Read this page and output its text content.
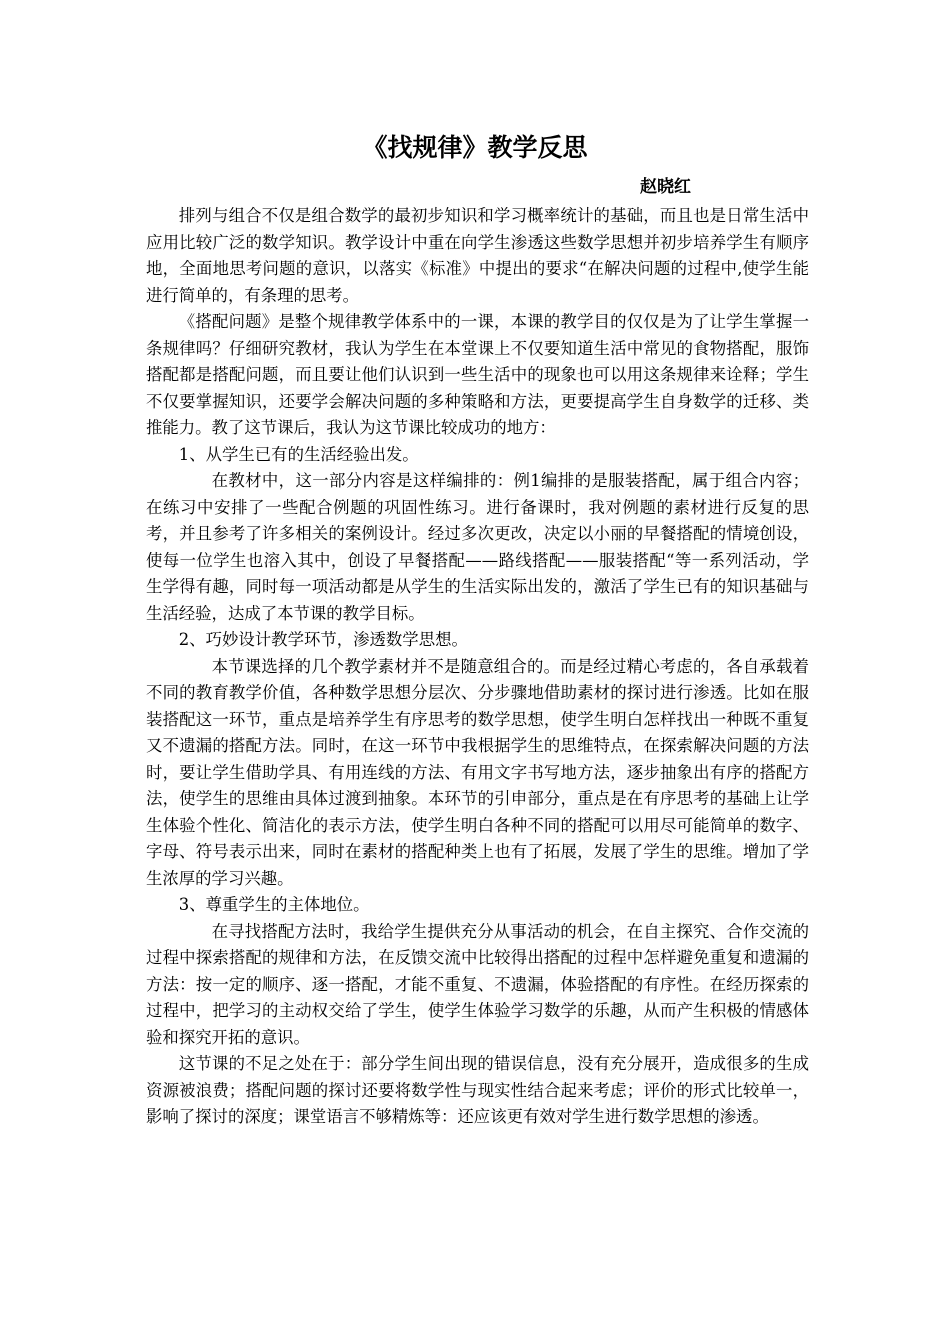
《找规律》教学反思
赵晓红

排列与组合不仅是组合数学的最初步知识和学习概率统计的基础，而且也是日常生活中应用比较广泛的数学知识。教学设计中重在向学生渗透这些数学思想并初步培养学生有顺序地，全面地思考问题的意识，以落实《标准》中提出的要求“在解决问题的过程中,使学生能进行简单的，有条理的思考。

《搭配问题》是整个规律教学体系中的一课，本课的教学目的仅仅是为了让学生掌握一条规律吗？仔细研究教材，我认为学生在本堂课上不仅要知道生活中常见的食物搭配，服饰搭配都是搭配问题，而且要让他们认识到一些生活中的现象也可以用这条规律来诠释；学生不仅要掌握知识，还要学会解决问题的多种策略和方法，更要提高学生自身数学的迁移、类推能力。教了这节课后，我认为这节课比较成功的地方：

1、从学生已有的生活经验出发。

在教材中，这一部分内容是这样编排的：例1编排的是服装搭配，属于组合内容；在练习中安排了一些配合例题的巩固性练习。进行备课时，我对例题的素材进行反复的思考，并且参考了许多相关的案例设计。经过多次更改，决定以小丽的早餐搭配的情境创设，使每一位学生也溶入其中，创设了早餐搭配——路线搭配——服装搭配“等一系列活动，学生学得有趣，同时每一项活动都是从学生的生活实际出发的，激活了学生已有的知识基础与生活经验，达成了本节课的教学目标。

2、巧妙设计教学环节，渗透数学思想。

本节课选择的几个教学素材并不是随意组合的。而是经过精心考虑的，各自承载着不同的教育教学价值，各种数学思想分层次、分步骤地借助素材的探讨进行渗透。比如在服装搭配这一环节，重点是培养学生有序思考的数学思想，使学生明白怎样找出一种既不重复又不遗漏的搭配方法。同时，在这一环节中我根据学生的思维特点，在探索解决问题的方法时，要让学生借助学具、有用连线的方法、有用文字书写地方法，逐步抽象出有序的搭配方法，使学生的思维由具体过渡到抽象。本环节的引申部分，重点是在有序思考的基础上让学生体验个性化、简洁化的表示方法，使学生明白各种不同的搭配可以用尽可能简单的数字、字母、符号表示出来，同时在素材的搭配种类上也有了拓展，发展了学生的思维。增加了学生浓厚的学习兴趣。

3、尊重学生的主体地位。

在寻找搭配方法时，我给学生提供充分从事活动的机会，在自主探究、合作交流的过程中探索搭配的规律和方法，在反馈交流中比较得出搭配的过程中怎样避免重复和遗漏的方法：按一定的顺序、逐一搭配，才能不重复、不遗漏，体验搭配的有序性。在经历探索的过程中，把学习的主动权交给了学生，使学生体验学习数学的乐趣，从而产生积极的情感体验和探究开拓的意识。

这节课的不足之处在于：部分学生间出现的错误信息，没有充分展开，造成很多的生成资源被浪费；搭配问题的探讨还要将数学性与现实性结合起来考虑；评价的形式比较单一，影响了探讨的深度；课堂语言不够精炼等：还应该更有效对学生进行数学思想的渗透。
